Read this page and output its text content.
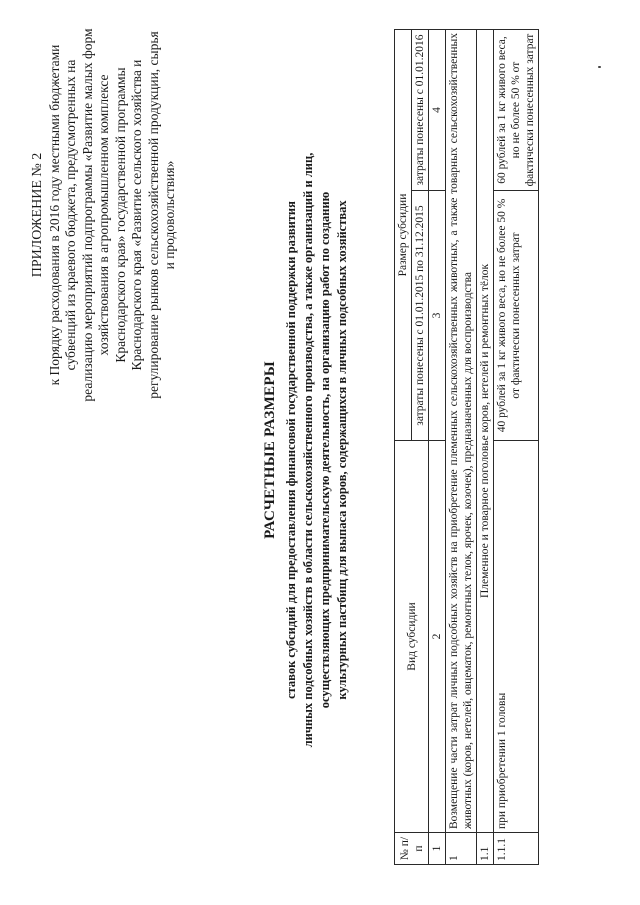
ПРИЛОЖЕНИЕ № 2 к Порядку расходования в 2016 году местными бюджетами субвенций из краевого бюджета, предусмотренных на реализацию мероприятий подпрограммы «Развитие малых форм хозяйствования в агропромышленном комплексе Краснодарского края» государственной программы Краснодарского края «Развитие сельского хозяйства и регулирование рынков сельскохозяйственной продукции, сырья и продовольствия»
РАСЧЕТНЫЕ РАЗМЕРЫ ставок субсидий для предоставления финансовой государственной поддержки развития личных подсобных хозяйств в области сельскохозяйственного производства, а также организаций и лиц, осуществляющих предпринимательскую деятельность, на организацию работ по созданию культурных пастбищ для выпаса коров, содержащихся в личных подсобных хозяйствах
№ п/п	Вид субсидии	Размер субсидии	
		затраты понесены с 01.01.2015 по 31.12.2015	затраты понесены с 01.01.2016
1	2	3	4
1	Возмещение части затрат личных подсобных хозяйств на приобретение племенных сельскохозяйственных животных, а также товарных сельскохозяйственных животных (коров, нетелей, овцематок, ремонтных телок, ярочек, козочек), предназначенных для воспроизводства		
1.1	Племенное и товарное поголовье коров, нетелей и ремонтных тёлок		
1.1.1	при приобретении 1 головы	40 рублей за 1 кг живого веса, но не более 50 % от фактически понесенных затрат	60 рублей за 1 кг живого веса, но не более 50 % от фактически понесенных затрат
